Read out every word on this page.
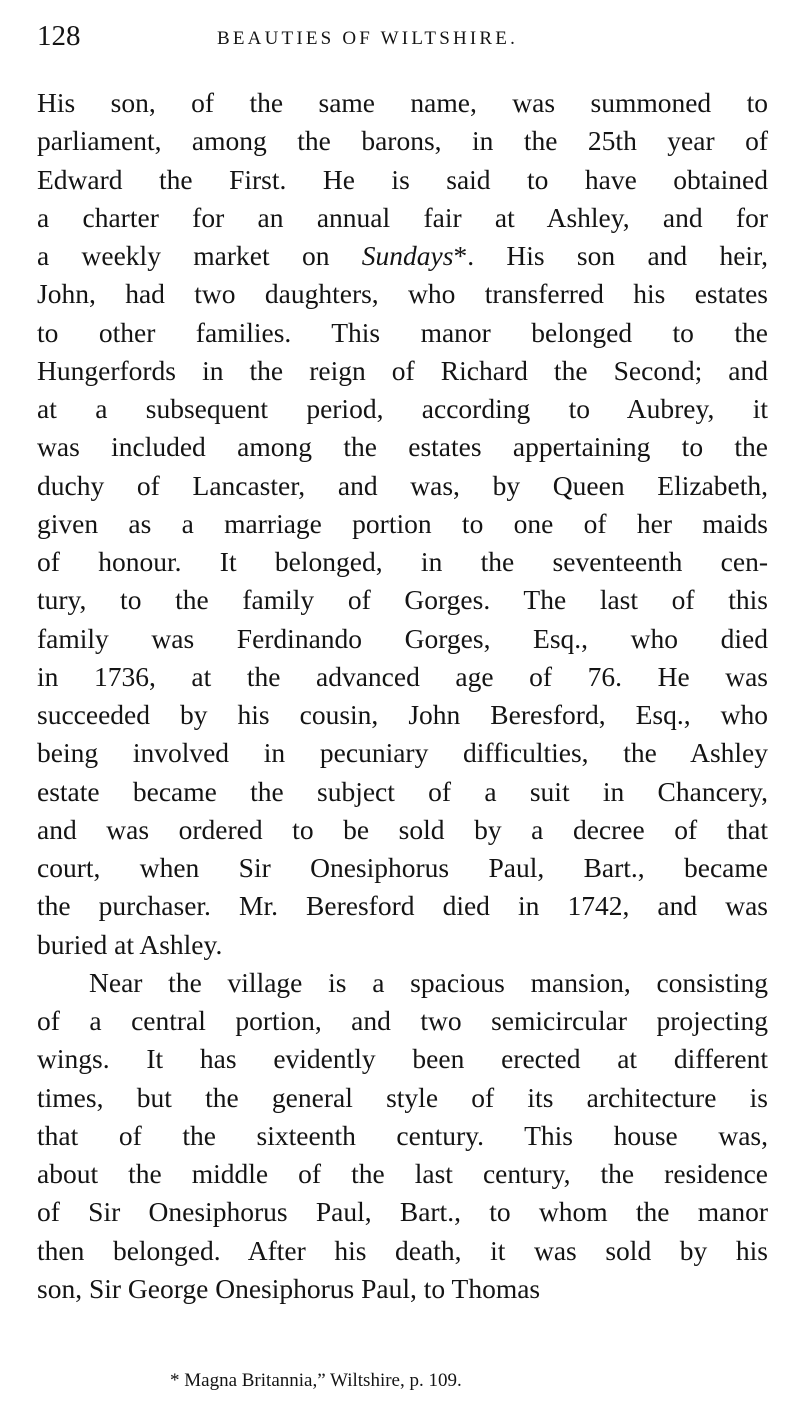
128	BEAUTIES OF WILTSHIRE.
His son, of the same name, was summoned to
parliament, among the barons, in the 25th year of
Edward the First. He is said to have obtained
a charter for an annual fair at Ashley, and for
a weekly market on Sundays*. His son and heir,
John, had two daughters, who transferred his estates
to other families. This manor belonged to the
Hungerfords in the reign of Richard the Second; and
at a subsequent period, according to Aubrey, it
was included among the estates appertaining to the
duchy of Lancaster, and was, by Queen Elizabeth,
given as a marriage portion to one of her maids
of honour. It belonged, in the seventeenth cen-
tury, to the family of Gorges. The last of this
family was Ferdinando Gorges, Esq., who died
in 1736, at the advanced age of 76. He was
succeeded by his cousin, John Beresford, Esq., who
being involved in pecuniary difficulties, the Ashley
estate became the subject of a suit in Chancery,
and was ordered to be sold by a decree of that
court, when Sir Onesiphorus Paul, Bart., became
the purchaser. Mr. Beresford died in 1742, and was
buried at Ashley.
Near the village is a spacious mansion, consisting
of a central portion, and two semicircular projecting
wings. It has evidently been erected at different
times, but the general style of its architecture is
that of the sixteenth century. This house was,
about the middle of the last century, the residence
of Sir Onesiphorus Paul, Bart., to whom the manor
then belonged. After his death, it was sold by his
son, Sir George Onesiphorus Paul, to Thomas
* Magna Britannia,” Wiltshire, p. 109.
